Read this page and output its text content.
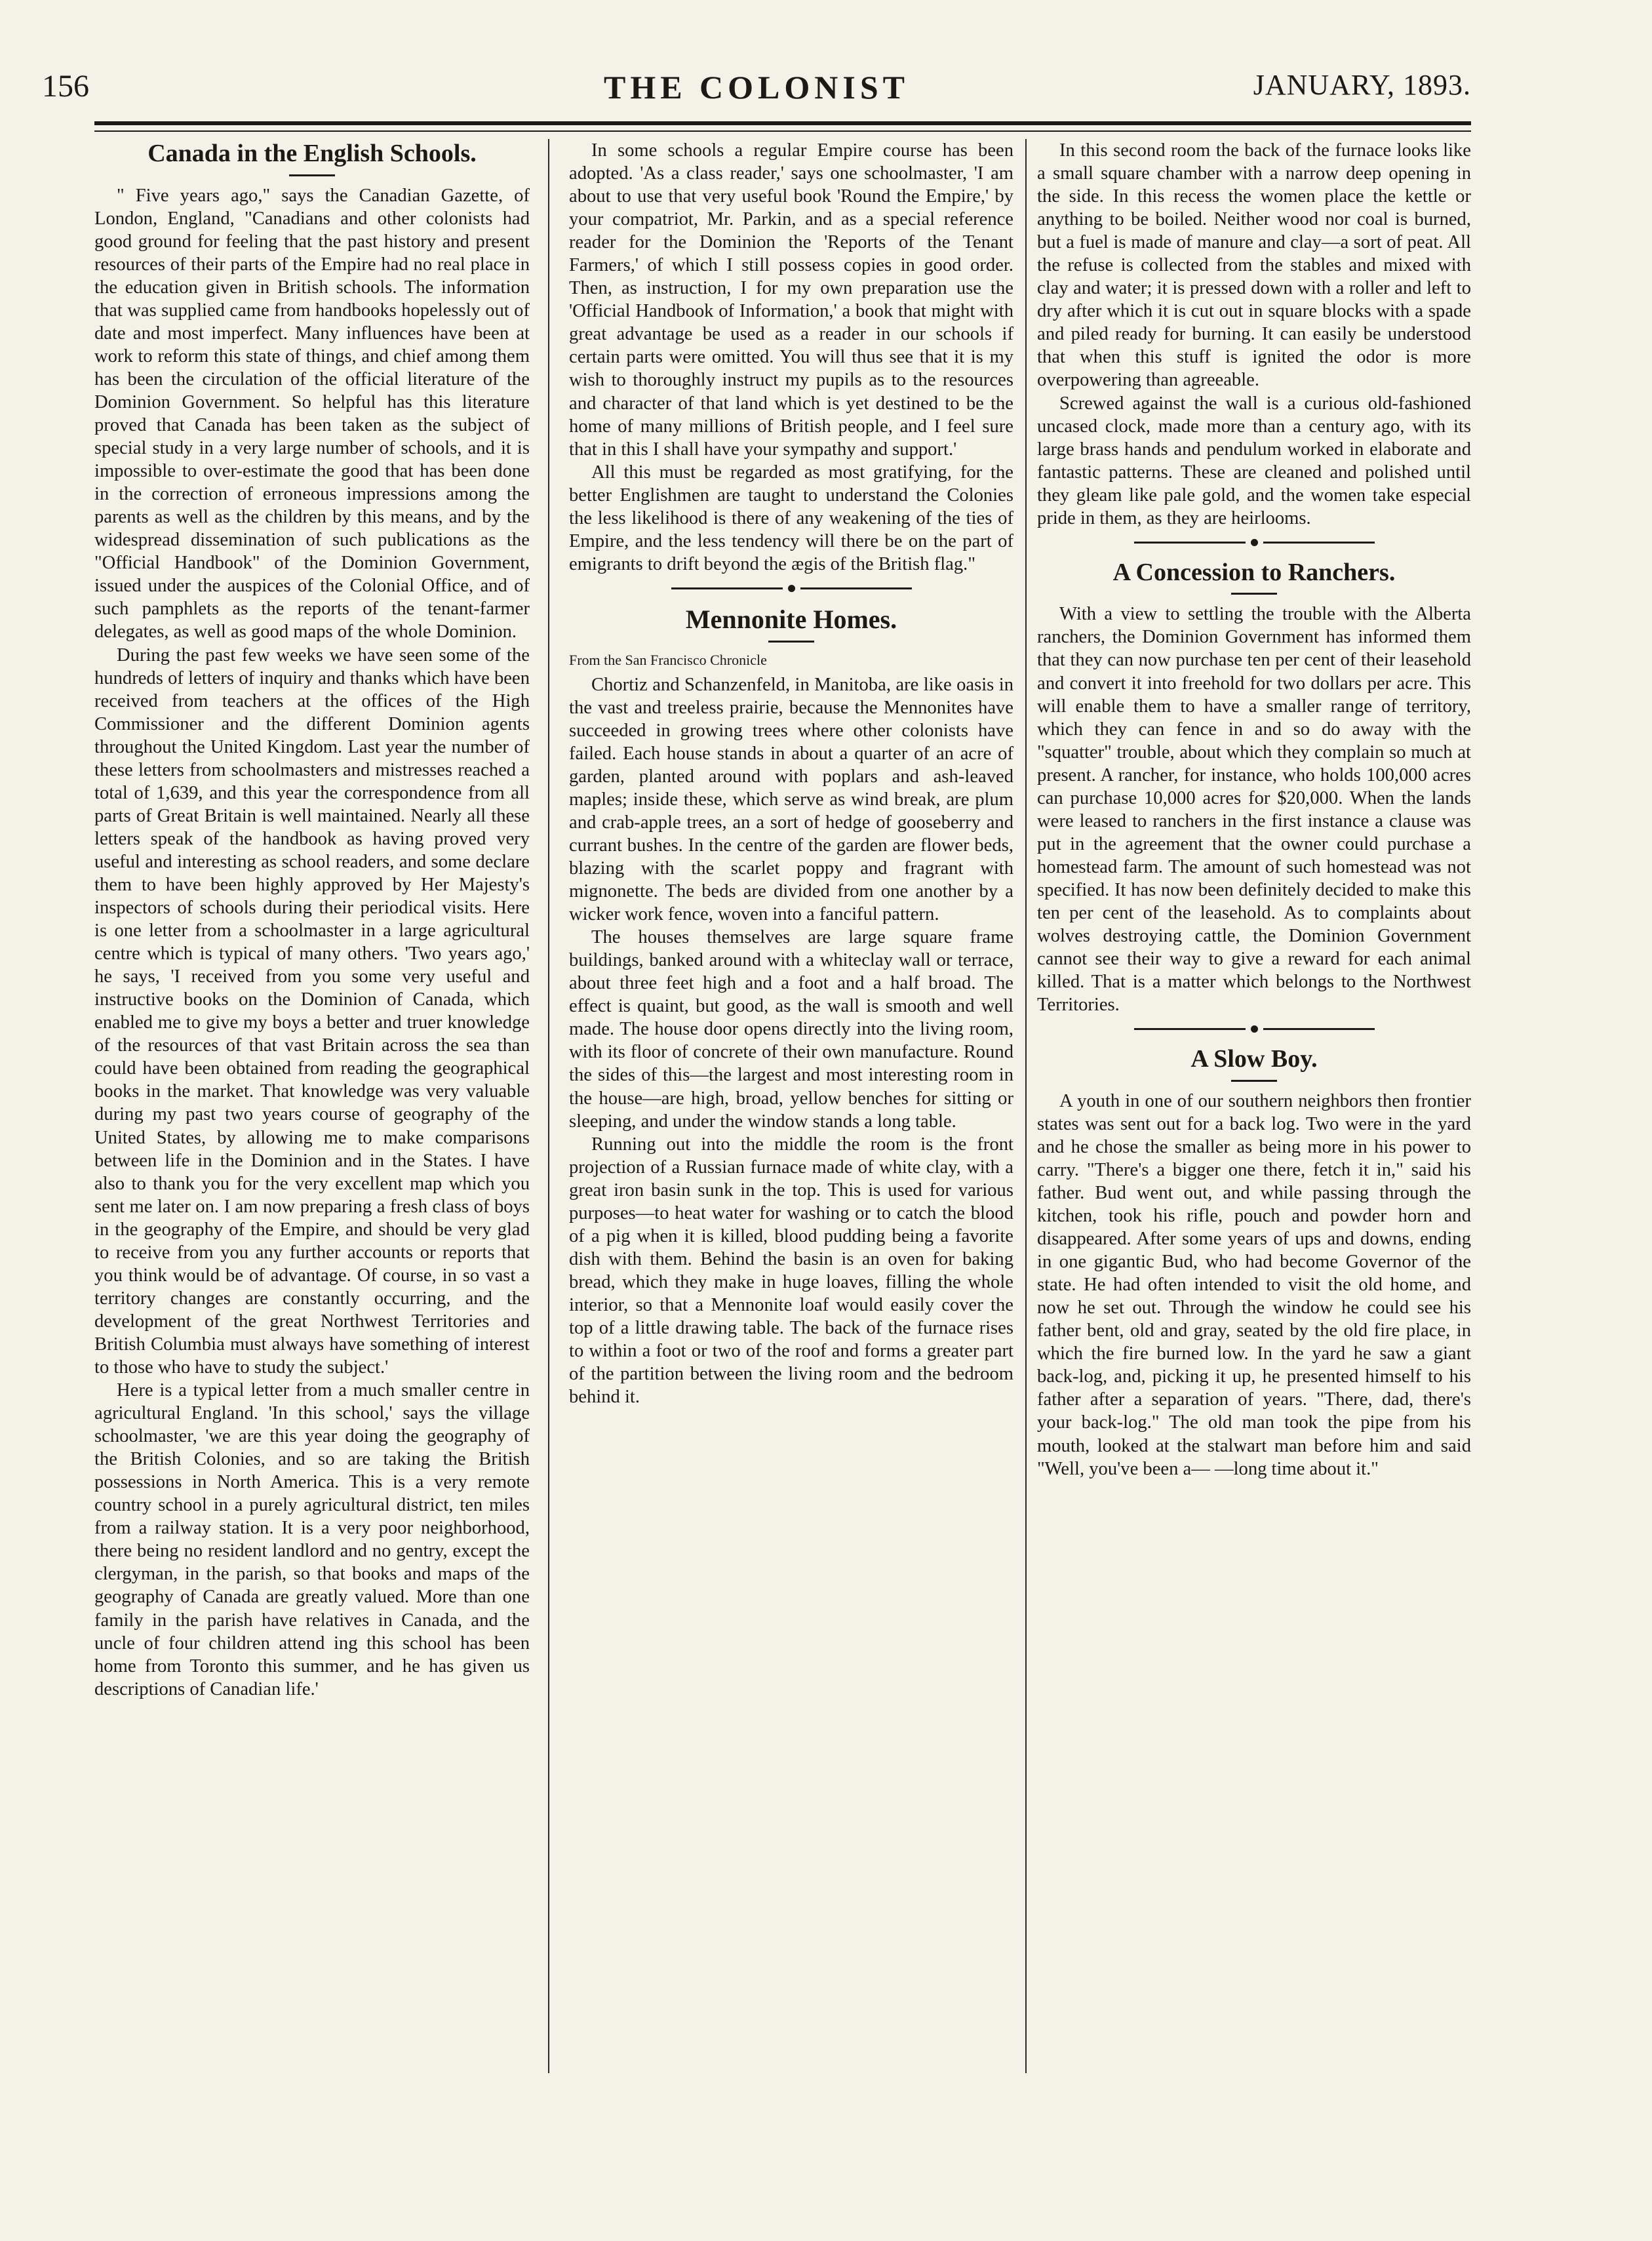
156	THE COLONIST	JANUARY, 1893.
Canada in the English Schools.

" Five years ago," says the Canadian Gazette, of London, England, "Canadians and other colonists had good ground for feeling that the past history and present resources of their parts of the Empire had no real place in the education given in British schools. The information that was supplied came from handbooks hopelessly out of date and most imperfect. Many influences have been at work to reform this state of things, and chief among them has been the circulation of the official literature of the Dominion Government. So helpful has this literature proved that Canada has been taken as the subject of special study in a very large number of schools, and it is impossible to over-estimate the good that has been done in the correction of erroneous impressions among the parents as well as the children by this means, and by the widespread dissemination of such publications as the "Official Handbook" of the Dominion Government, issued under the auspices of the Colonial Office, and of such pamphlets as the reports of the tenant-farmer delegates, as well as good maps of the whole Dominion.

During the past few weeks we have seen some of the hundreds of letters of inquiry and thanks which have been received from teachers at the offices of the High Commissioner and the different Dominion agents throughout the United Kingdom. Last year the number of these letters from schoolmasters and mistresses reached a total of 1,639, and this year the correspondence from all parts of Great Britain is well maintained. Nearly all these letters speak of the handbook as having proved very useful and interesting as school readers, and some declare them to have been highly approved by Her Majesty's inspectors of schools during their periodical visits. Here is one letter from a schoolmaster in a large agricultural centre which is typical of many others. 'Two years ago,' he says, 'I received from you some very useful and instructive books on the Dominion of Canada, which enabled me to give my boys a better and truer knowledge of the resources of that vast Britain across the sea than could have been obtained from reading the geographical books in the market. That knowledge was very valuable during my past two years course of geography of the United States, by allowing me to make comparisons between life in the Dominion and in the States. I have also to thank you for the very excellent map which you sent me later on. I am now preparing a fresh class of boys in the geography of the Empire, and should be very glad to receive from you any further accounts or reports that you think would be of advantage. Of course, in so vast a territory changes are constantly occurring, and the development of the great Northwest Territories and British Columbia must always have something of interest to those who have to study the subject.'

Here is a typical letter from a much smaller centre in agricultural England. 'In this school,' says the village schoolmaster, 'we are this year doing the geography of the British Colonies, and so are taking the British possessions in North America. This is a very remote country school in a purely agricultural district, ten miles from a railway station. It is a very poor neighborhood, there being no resident landlord and no gentry, except the clergyman, in the parish, so that books and maps of the geography of Canada are greatly valued. More than one family in the parish have relatives in Canada, and the uncle of four children attend ing this school has been home from Toronto this summer, and he has given us descriptions of Canadian life.'

In some schools a regular Empire course has been adopted. 'As a class reader,' says one schoolmaster, 'I am about to use that very useful book 'Round the Empire,' by your compatriot, Mr. Parkin, and as a special reference reader for the Dominion the 'Reports of the Tenant Farmers,' of which I still possess copies in good order. Then, as instruction, I for my own preparation use the 'Official Handbook of Information,' a book that might with great advantage be used as a reader in our schools if certain parts were omitted. You will thus see that it is my wish to thoroughly instruct my pupils as to the resources and character of that land which is yet destined to be the home of many millions of British people, and I feel sure that in this I shall have your sympathy and support.'

All this must be regarded as most gratifying, for the better Englishmen are taught to understand the Colonies the less likelihood is there of any weakening of the ties of Empire, and the less tendency will there be on the part of emigrants to drift beyond the ægis of the British flag."

Mennonite Homes.

From the San Francisco Chronicle

Chortiz and Schanzenfeld, in Manitoba, are like oasis in the vast and treeless prairie, because the Mennonites have succeeded in growing trees where other colonists have failed. Each house stands in about a quarter of an acre of garden, planted around with poplars and ash-leaved maples; inside these, which serve as wind break, are plum and crab-apple trees, an a sort of hedge of gooseberry and currant bushes. In the centre of the garden are flower beds, blazing with the scarlet poppy and fragrant with mignonette. The beds are divided from one another by a wicker work fence, woven into a fanciful pattern.

The houses themselves are large square frame buildings, banked around with a whiteclay wall or terrace, about three feet high and a foot and a half broad. The effect is quaint, but good, as the wall is smooth and well made. The house door opens directly into the living room, with its floor of concrete of their own manufacture. Round the sides of this—the largest and most interesting room in the house—are high, broad, yellow benches for sitting or sleeping, and under the window stands a long table.

Running out into the middle the room is the front projection of a Russian furnace made of white clay, with a great iron basin sunk in the top. This is used for various purposes—to heat water for washing or to catch the blood of a pig when it is killed, blood pudding being a favorite dish with them. Behind the basin is an oven for baking bread, which they make in huge loaves, filling the whole interior, so that a Mennonite loaf would easily cover the top of a little drawing table. The back of the furnace rises to within a foot or two of the roof and forms a greater part of the partition between the living room and the bedroom behind it.

In this second room the back of the furnace looks like a small square chamber with a narrow deep opening in the side. In this recess the women place the kettle or anything to be boiled. Neither wood nor coal is burned, but a fuel is made of manure and clay—a sort of peat. All the refuse is collected from the stables and mixed with clay and water; it is pressed down with a roller and left to dry after which it is cut out in square blocks with a spade and piled ready for burning. It can easily be understood that when this stuff is ignited the odor is more overpowering than agreeable.

Screwed against the wall is a curious old-fashioned uncased clock, made more than a century ago, with its large brass hands and pendulum worked in elaborate and fantastic patterns. These are cleaned and polished until they gleam like pale gold, and the women take especial pride in them, as they are heirlooms.

A Concession to Ranchers.

With a view to settling the trouble with the Alberta ranchers, the Dominion Government has informed them that they can now purchase ten per cent of their leasehold and convert it into freehold for two dollars per acre. This will enable them to have a smaller range of territory, which they can fence in and so do away with the "squatter" trouble, about which they complain so much at present. A rancher, for instance, who holds 100,000 acres can purchase 10,000 acres for $20,000. When the lands were leased to ranchers in the first instance a clause was put in the agreement that the owner could purchase a homestead farm. The amount of such homestead was not specified. It has now been definitely decided to make this ten per cent of the leasehold. As to complaints about wolves destroying cattle, the Dominion Government cannot see their way to give a reward for each animal killed. That is a matter which belongs to the Northwest Territories.

A Slow Boy.

A youth in one of our southern neighbors then frontier states was sent out for a back log. Two were in the yard and he chose the smaller as being more in his power to carry. "There's a bigger one there, fetch it in," said his father. Bud went out, and while passing through the kitchen, took his rifle, pouch and powder horn and disappeared. After some years of ups and downs, ending in one gigantic Bud, who had become Governor of the state. He had often intended to visit the old home, and now he set out. Through the window he could see his father bent, old and gray, seated by the old fire place, in which the fire burned low. In the yard he saw a giant back-log, and, picking it up, he presented himself to his father after a separation of years. "There, dad, there's your back-log." The old man took the pipe from his mouth, looked at the stalwart man before him and said "Well, you've been a— —long time about it."
